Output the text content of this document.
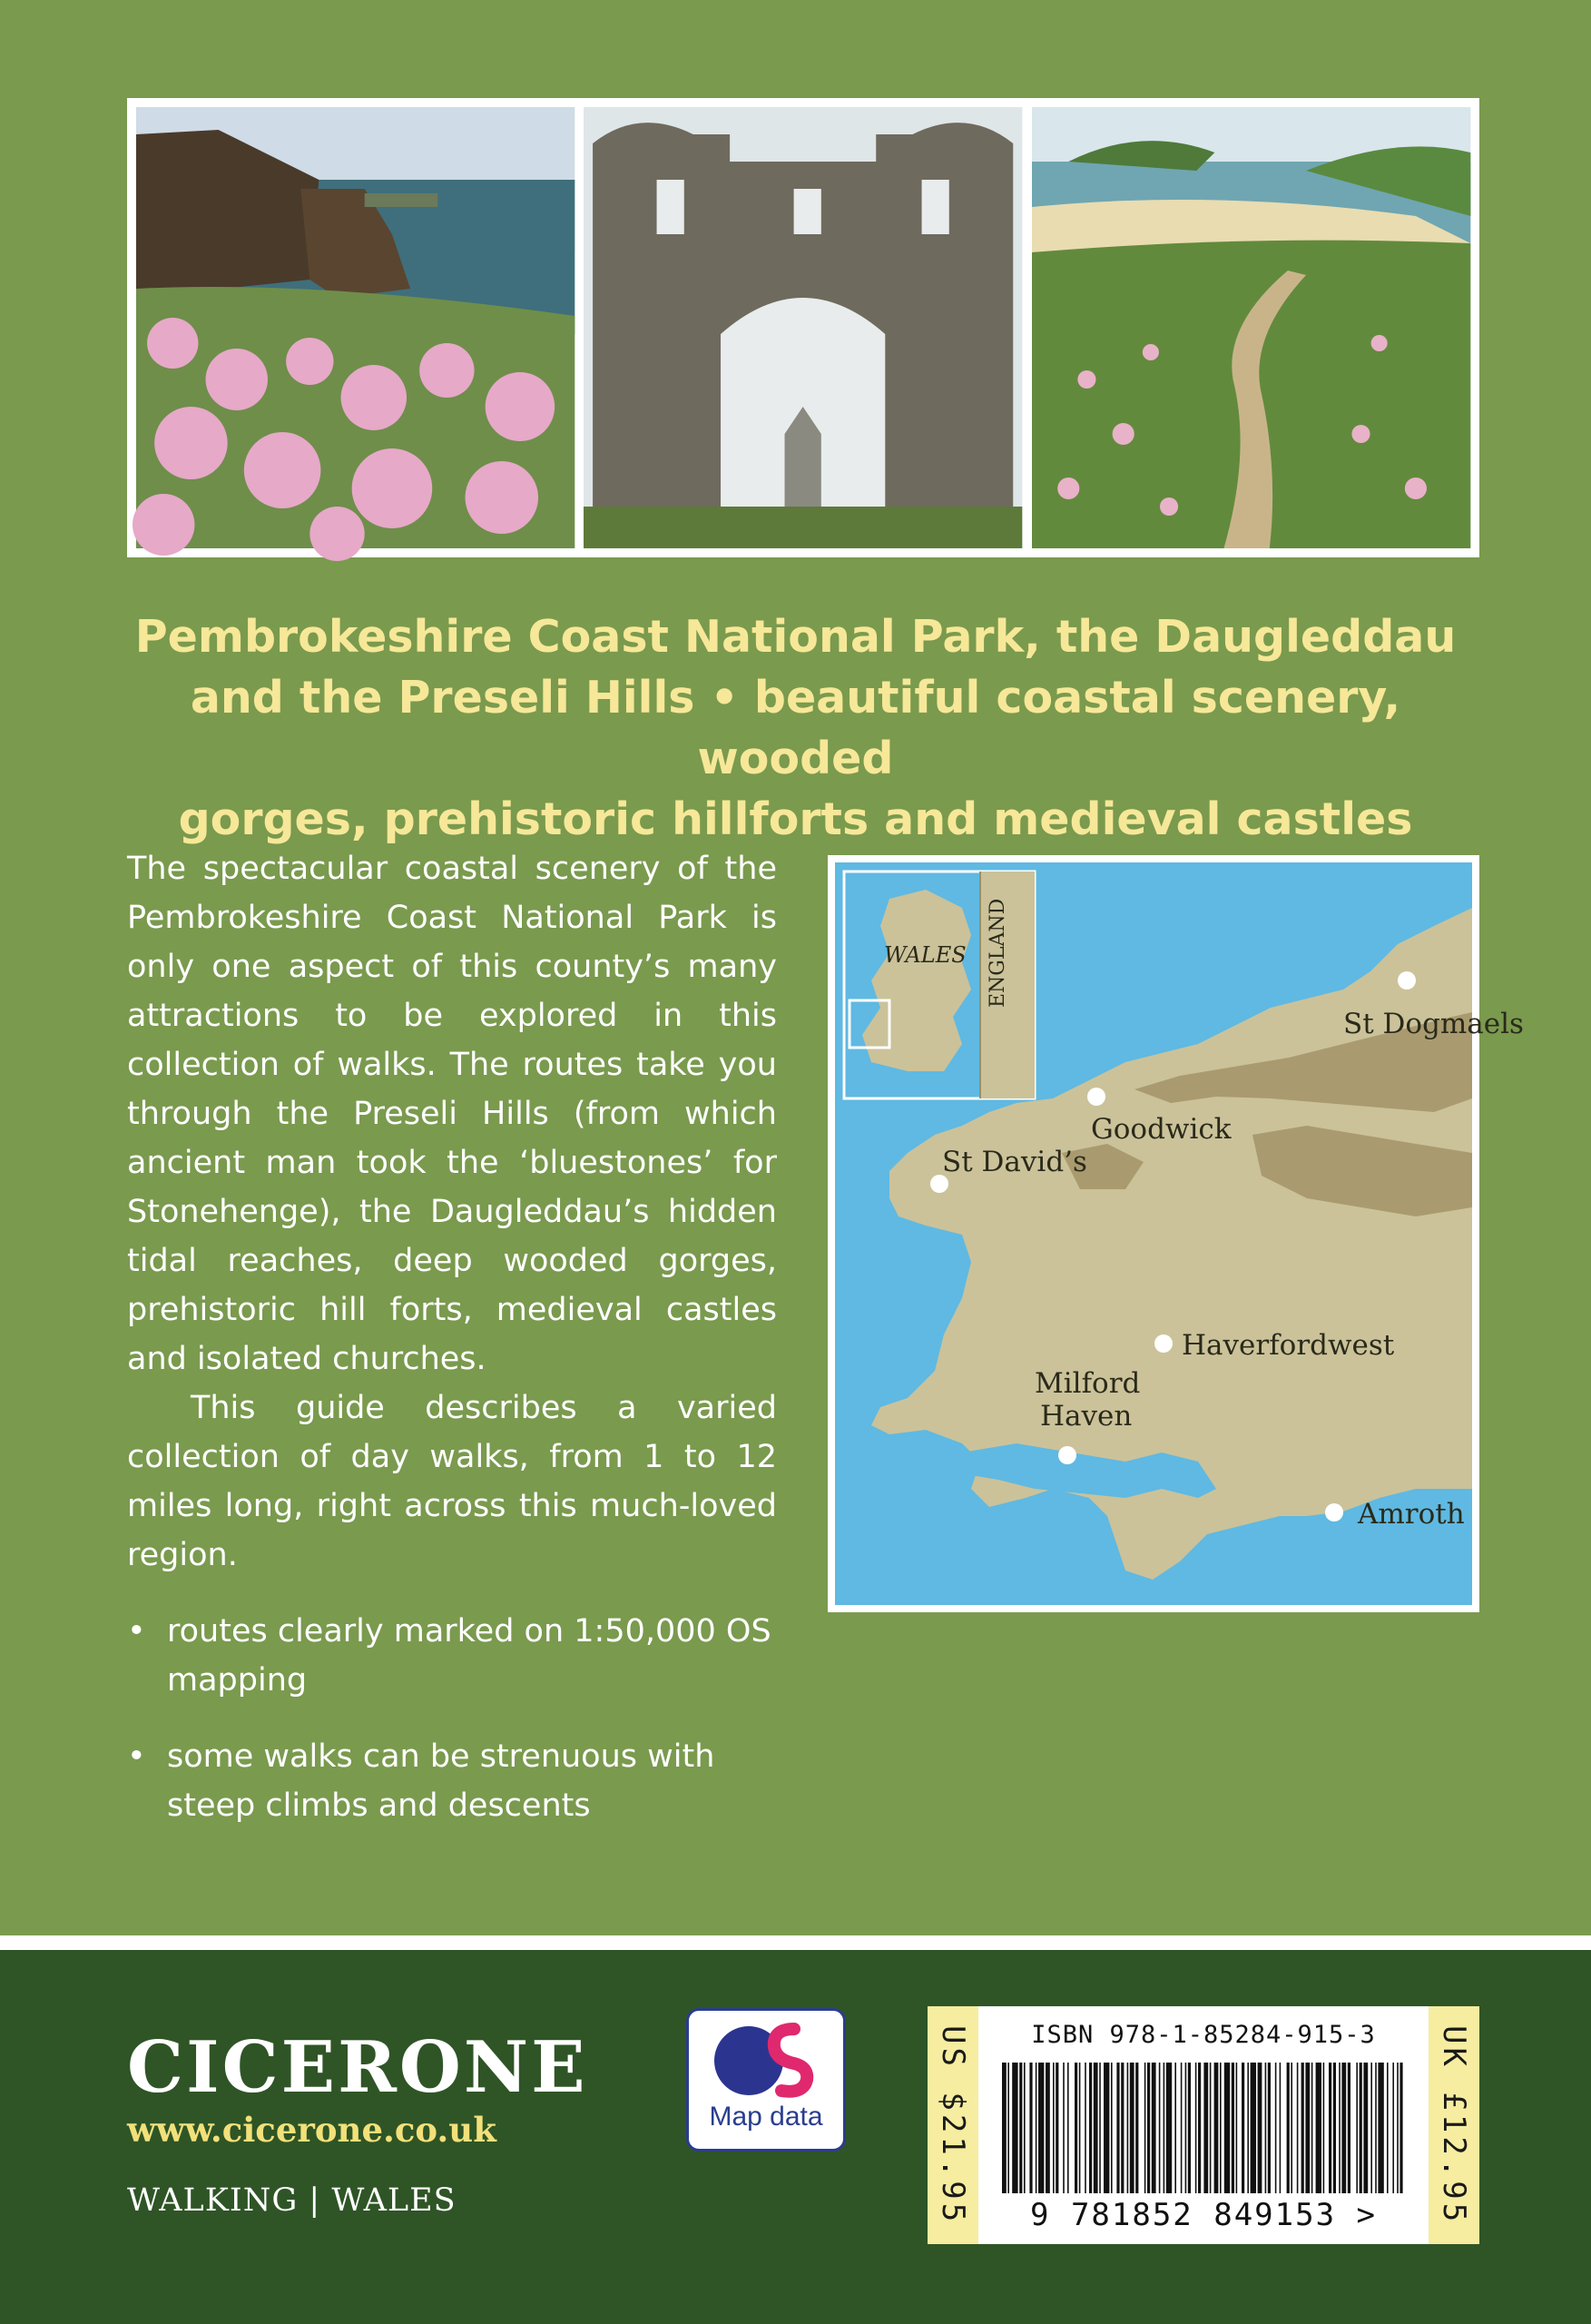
Pembrokeshire Coast National Park, the Daugleddau
and the Preseli Hills • beautiful coastal scenery, wooded
gorges, prehistoric hillforts and medieval castles

The spectacular coastal scenery of the Pembrokeshire Coast National Park is only one aspect of this county’s many attractions to be explored in this collection of walks. The routes take you through the Preseli Hills (from which ancient man took the ‘bluestones’ for Stonehenge), the Daugleddau’s hidden tidal reaches, deep wooded gorges, prehistoric hill forts, medieval castles and isolated churches.

This guide describes a varied collection of day walks, from 1 to 12 miles long, right across this much-loved region.

• routes clearly marked on 1:50,000 OS mapping
• some walks can be strenuous with steep climbs and descents
WALES ENGLAND
St Dogmaels
Goodwick
St David’s
Haverfordwest
Milford
Haven
Amroth
CICERONE
www.cicerone.co.uk
WALKING | WALES
Map data	US $21.95	ISBN 978-1-85284-915-3
9 781852 849153 >	UK £12.95
